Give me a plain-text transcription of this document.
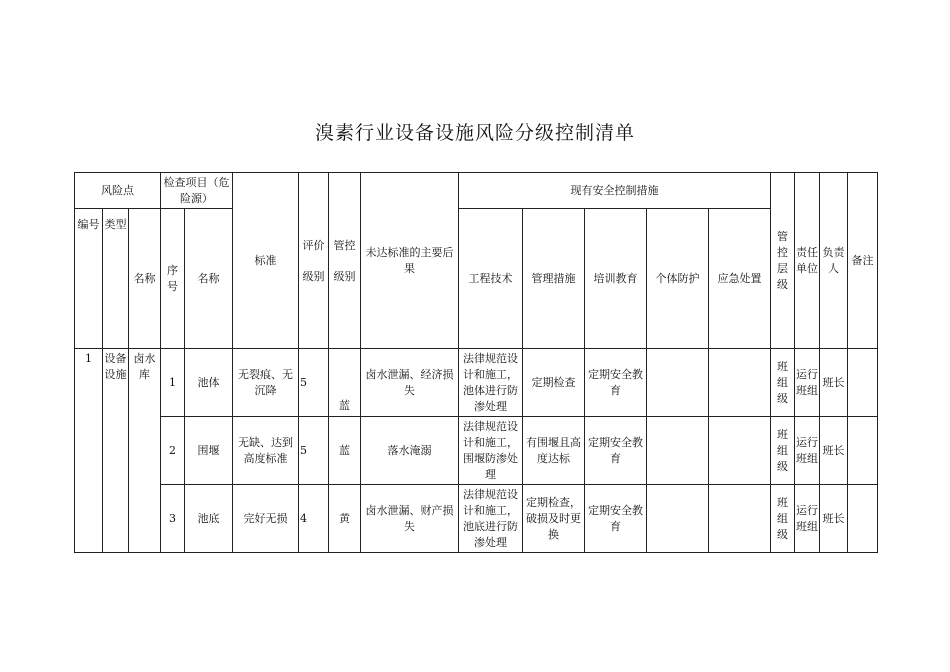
溴素行业设备设施风险分级控制清单
风险点			检查项目（危险源）		标准	评价级别	管控级别	未达标准的主要后果	现有安全控制措施					管控层级	责任单位	负责人	备注
编号	类型	名称	序号	名称					工程技术	管理措施	培训教育	个体防护	应急处置				
1	设备设施	卤水库	1	池体	无裂痕、无沉降	5	蓝	卤水泄漏、经济损失	法律规范设计和施工，池体进行防渗处理	定期检查	定期安全教育			班组级	运行班组	班长	
			2	围堰	无缺、达到高度标准	5	蓝	落水淹溺	法律规范设计和施工，围堰防渗处理	有围堰且高度达标	定期安全教育			班组级	运行班组	班长	
			3	池底	完好无损	4	黄	卤水泄漏、财产损失	法律规范设计和施工，池底进行防渗处理	定期检查，破损及时更换	定期安全教育			班组级	运行班组	班长	
